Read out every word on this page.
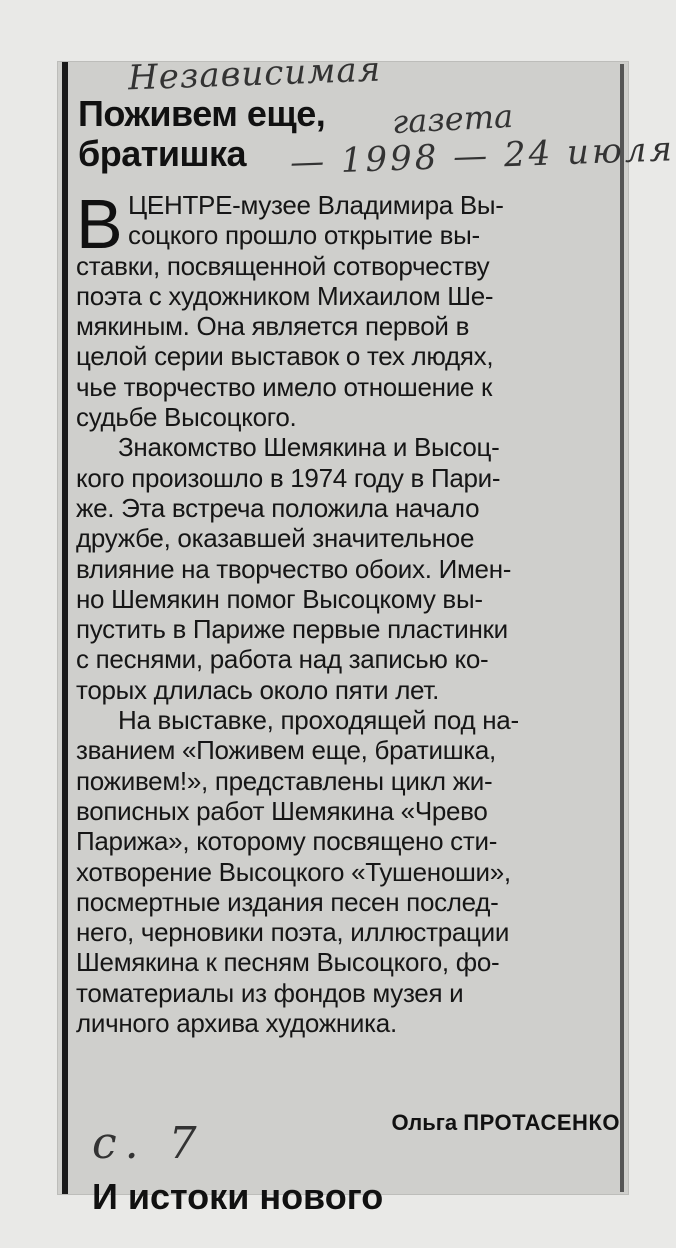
Независимая
газета
— 1998 — 24 июля
Поживем еще,
братишка
В ЦЕНТРЕ-музее Владимира Вы-
соцкого прошло открытие вы-
ставки, посвященной сотворчеству
поэта с художником Михаилом Ше-
мякиным. Она является первой в
целой серии выставок о тех людях,
чье творчество имело отношение к
судьбе Высоцкого.
Знакомство Шемякина и Высоц-
кого произошло в 1974 году в Пари-
же. Эта встреча положила начало
дружбе, оказавшей значительное
влияние на творчество обоих. Имен-
но Шемякин помог Высоцкому вы-
пустить в Париже первые пластинки
с песнями, работа над записью ко-
торых длилась около пяти лет.
На выставке, проходящей под на-
званием «Поживем еще, братишка,
поживем!», представлены цикл жи-
вописных работ Шемякина «Чрево
Парижа», которому посвящено сти-
хотворение Высоцкого «Тушеноши»,
посмертные издания песен послед-
него, черновики поэта, иллюстрации
Шемякина к песням Высоцкого, фо-
томатериалы из фондов музея и
личного архива художника.
с. 7	Ольга ПРОТАСЕНКО
И истоки нового
